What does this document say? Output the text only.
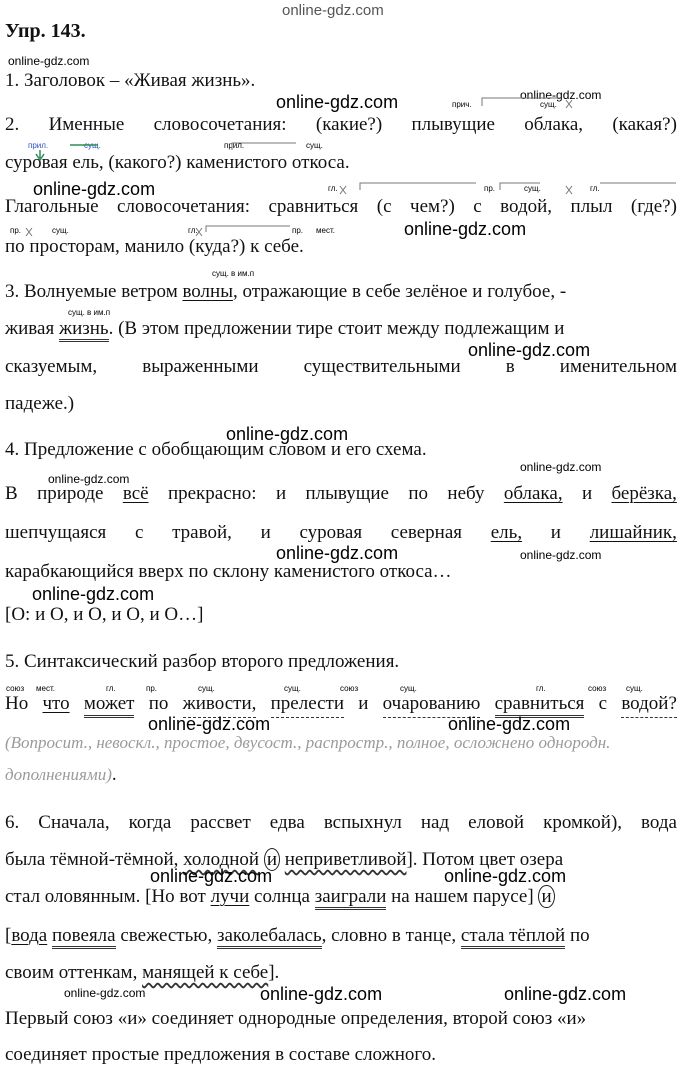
online-gdz.com
Упр. 143.
online-gdz.com
1. Заголовок – «Живая жизнь».
online-gdz.com	online-gdz.com
прич.	сущ.
2. Именные словосочетания: (какие?) плывущие облака, (какая?)
прил.	сущ.	прил.	сущ.
суровая ель, (какого?) каменистого откоса.
online-gdz.com	гл.	пр.	сущ.	гл.
Глагольные словосочетания: сравниться (с чем?) с водой, плыл (где?)
пр.	сущ.	гл.	пр. мест.	online-gdz.com
по просторам, манило (куда?) к себе.
сущ. в им.п
3. Волнуемые ветром волны, отражающие в себе зелёное и голубое, -
сущ. в им.п
живая жизнь. (В этом предложении тире стоит между подлежащим и
online-gdz.com
сказуемым, выраженными существительными в именительном
падеже.)
online-gdz.com
4. Предложение с обобщающим словом и его схема.
online-gdz.com
online-gdz.com
В природе всё прекрасно: и плывущие по небу облака, и берёзка,
шепчущаяся с травой, и суровая северная ель, и лишайник,
online-gdz.com	online-gdz.com
карабкающийся вверх по склону каменистого откоса…
online-gdz.com
[О: и О, и О, и О, и О…]
5. Синтаксический разбор второго предложения.
союз мест.	гл.	пр.	сущ.	сущ.	союз	сущ.	гл.	союз сущ.
Но что может по живости, прелести и очарованию сравниться с водой?
online-gdz.com	online-gdz.com
(Вопросит., невоскл., простое, двусост., распростр., полное, осложнено однородн.
дополнениями).
6. Сначала, когда рассвет едва вспыхнул над еловой кромкой), вода
была тёмной-тёмной, холодной и неприветливой]. Потом цвет озера
online-gdz.com	online-gdz.com
стал оловянным. [Но вот лучи солнца заиграли на нашем парусе] и
[вода повеяла свежестью, заколебалась, словно в танце, стала тёплой по
своим оттенкам, манящей к себе].
online-gdz.com	online-gdz.com	online-gdz.com
Первый союз «и» соединяет однородные определения, второй союз «и»
соединяет простые предложения в составе сложного.
